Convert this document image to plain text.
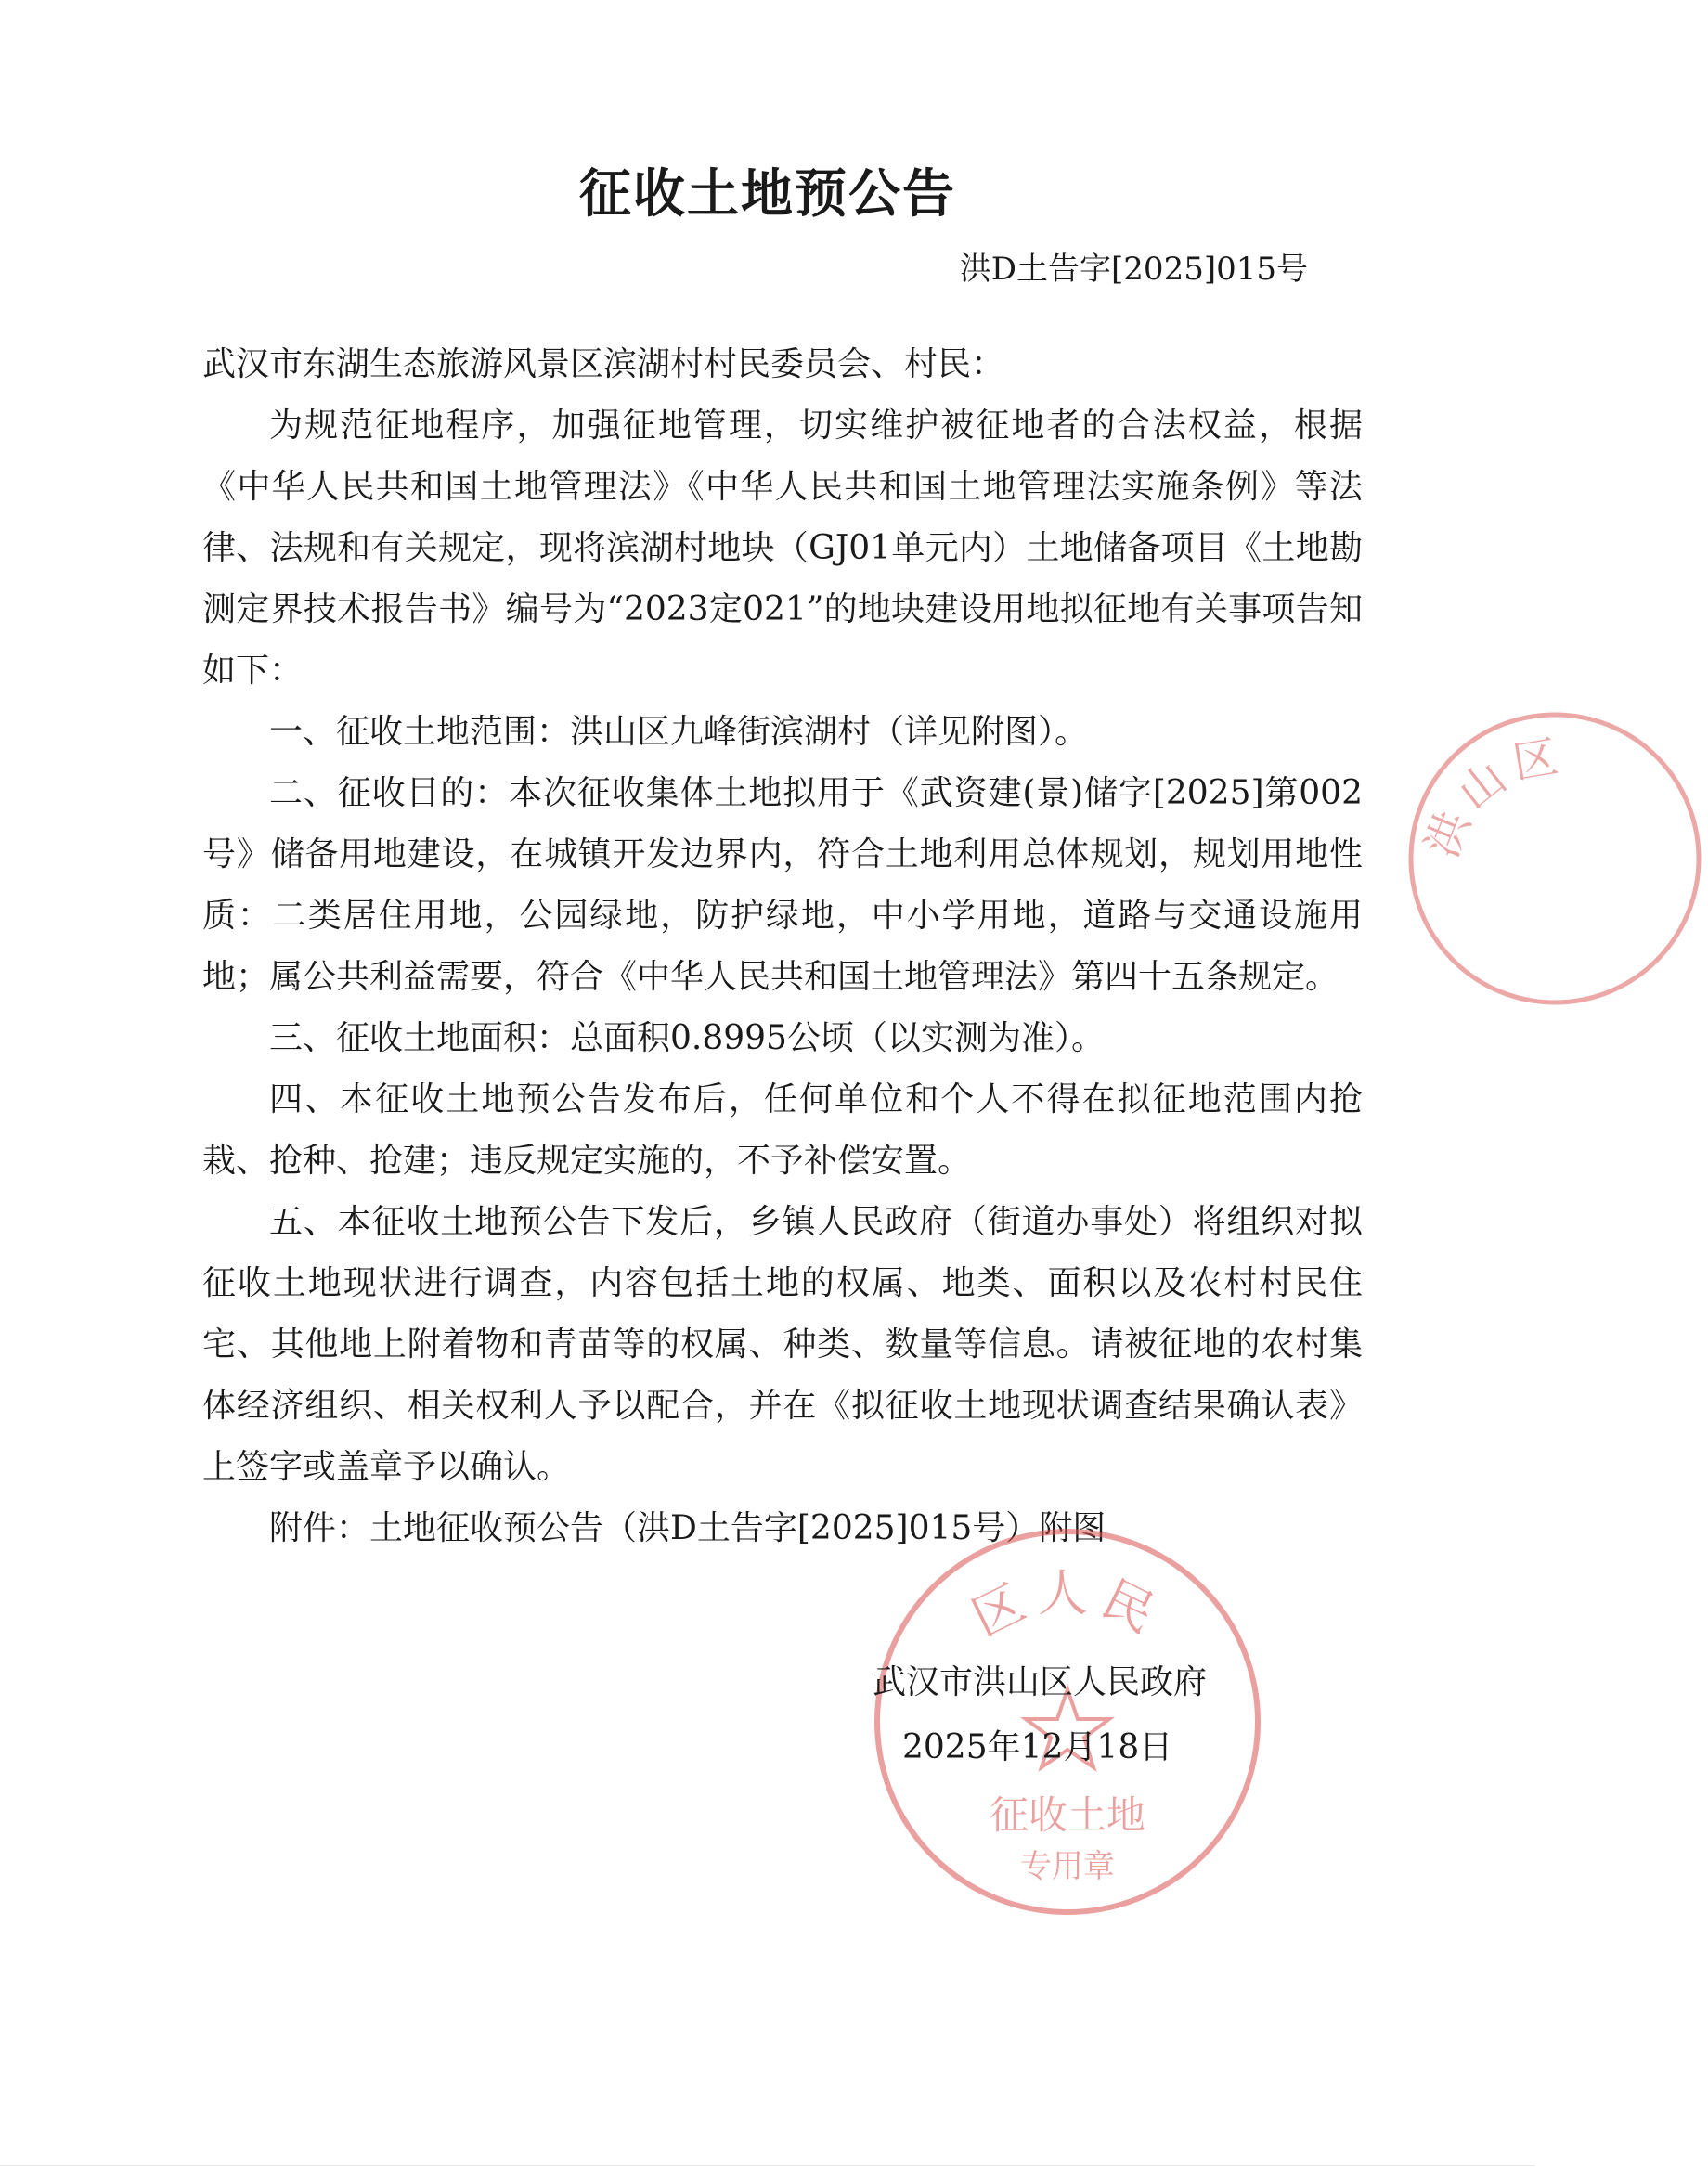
征收土地预公告
洪D土告字[2025]015号

武汉市东湖生态旅游风景区滨湖村村民委员会、村民：

为规范征地程序，加强征地管理，切实维护被征地者的合法权益，根据《中华人民共和国土地管理法》《中华人民共和国土地管理法实施条例》等法律、法规和有关规定，现将滨湖村地块（GJ01单元内）土地储备项目《土地勘测定界技术报告书》编号为“2023定021”的地块建设用地拟征地有关事项告知如下：

一、征收土地范围：洪山区九峰街滨湖村（详见附图）。

二、征收目的：本次征收集体土地拟用于《武资建(景)储字[2025]第002号》储备用地建设，在城镇开发边界内，符合土地利用总体规划，规划用地性质：二类居住用地，公园绿地，防护绿地，中小学用地，道路与交通设施用地；属公共利益需要，符合《中华人民共和国土地管理法》第四十五条规定。

三、征收土地面积：总面积0.8995公顷（以实测为准）。

四、本征收土地预公告发布后，任何单位和个人不得在拟征地范围内抢栽、抢种、抢建；违反规定实施的，不予补偿安置。

五、本征收土地预公告下发后，乡镇人民政府（街道办事处）将组织对拟征收土地现状进行调查，内容包括土地的权属、地类、面积以及农村村民住宅、其他地上附着物和青苗等的权属、种类、数量等信息。请被征地的农村集体经济组织、相关权利人予以配合，并在《拟征收土地现状调查结果确认表》上签字或盖章予以确认。

附件：土地征收预公告（洪D土告字[2025]015号）附图

区人民
征收土地
专用章
洪山区
武汉市洪山区人民政府
2025年12月18日
